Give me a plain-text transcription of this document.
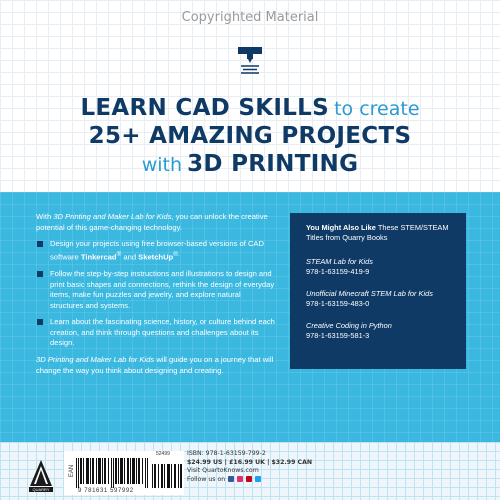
Copyrighted Material
LEARN CAD SKILLS to create
25+ AMAZING PROJECTS
with 3D PRINTING

With 3D Printing and Maker Lab for Kids, you can unlock the creative potential of this game-changing technology.

Design your projects using free browser-based versions of CAD software Tinkercad® and SketchUp®.
Follow the step-by-step instructions and illustrations to design and print basic shapes and connections, rethink the design of everyday items, make fun puzzles and jewelry, and explore natural structures and systems.
Learn about the fascinating science, history, or culture behind each creation, and think through questions and challenges about its design.

3D Printing and Maker Lab for Kids will guide you on a journey that will change the way you think about designing and creating.

You Might Also Like These STEM/STEAM Titles from Quarry Books
STEAM Lab for Kids
978-1-63159-419-9
Unofficial Minecraft STEM Lab for Kids
978-1-63159-483-0
Creative Coding in Python
978-1-63159-581-3
QUARRY
EAN
52499
9 781631 597992
ISBN: 978-1-63159-799-2
$24.99 US | £16.99 UK | $32.99 CAN
Visit QuartoKnows.com
Follow us on
